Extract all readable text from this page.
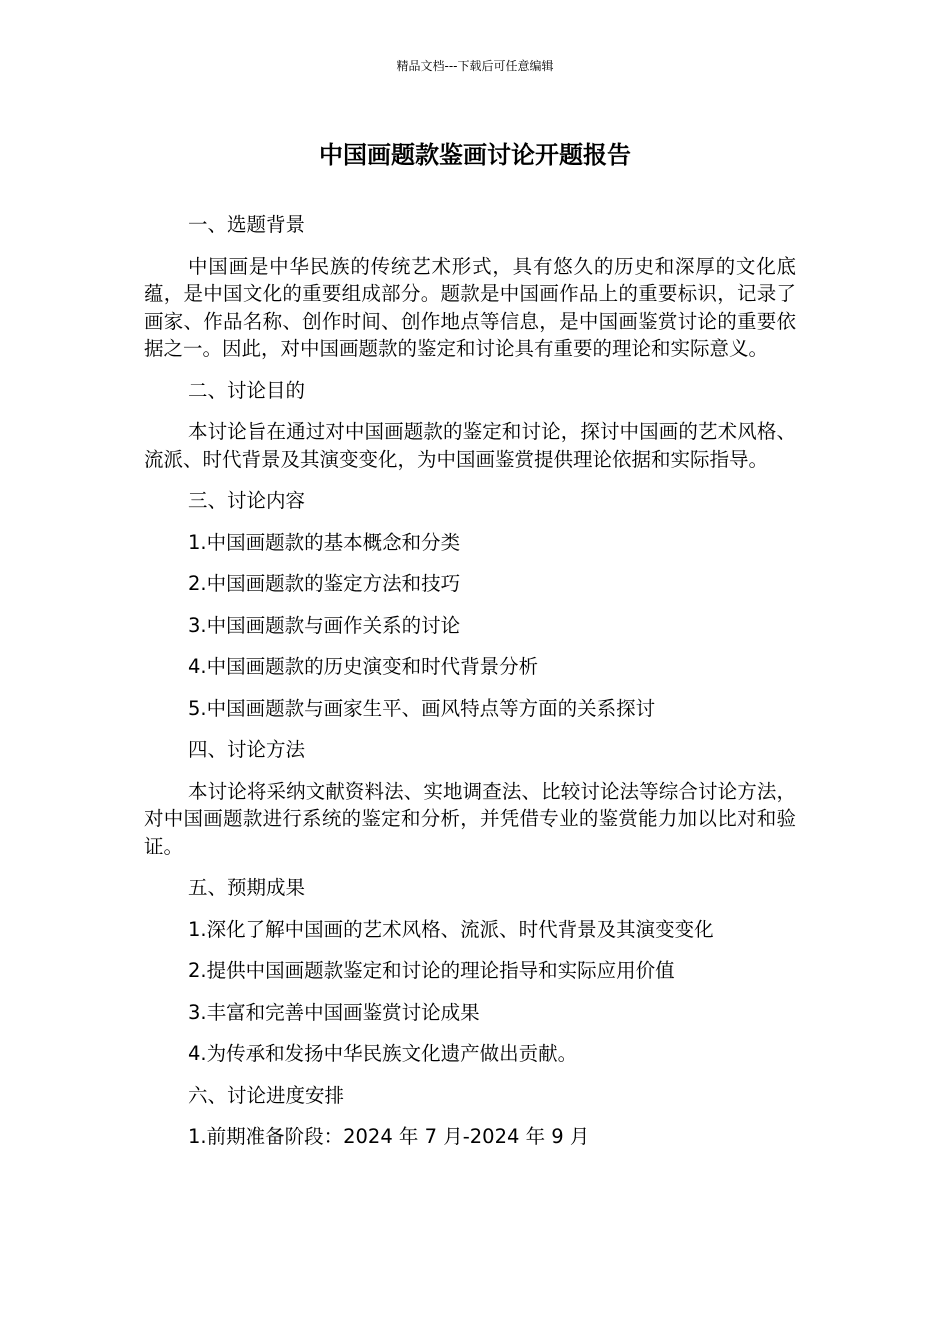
精品文档---下载后可任意编辑
中国画题款鉴画讨论开题报告
一、选题背景
中国画是中华民族的传统艺术形式，具有悠久的历史和深厚的文化底蕴，是中国文化的重要组成部分。题款是中国画作品上的重要标识，记录了画家、作品名称、创作时间、创作地点等信息，是中国画鉴赏讨论的重要依据之一。因此，对中国画题款的鉴定和讨论具有重要的理论和实际意义。
二、讨论目的
本讨论旨在通过对中国画题款的鉴定和讨论，探讨中国画的艺术风格、流派、时代背景及其演变变化，为中国画鉴赏提供理论依据和实际指导。
三、讨论内容
1.中国画题款的基本概念和分类
2.中国画题款的鉴定方法和技巧
3.中国画题款与画作关系的讨论
4.中国画题款的历史演变和时代背景分析
5.中国画题款与画家生平、画风特点等方面的关系探讨
四、讨论方法
本讨论将采纳文献资料法、实地调查法、比较讨论法等综合讨论方法，对中国画题款进行系统的鉴定和分析，并凭借专业的鉴赏能力加以比对和验证。
五、预期成果
1.深化了解中国画的艺术风格、流派、时代背景及其演变变化
2.提供中国画题款鉴定和讨论的理论指导和实际应用价值
3.丰富和完善中国画鉴赏讨论成果
4.为传承和发扬中华民族文化遗产做出贡献。
六、讨论进度安排
1.前期准备阶段：2024 年 7 月-2024 年 9 月
